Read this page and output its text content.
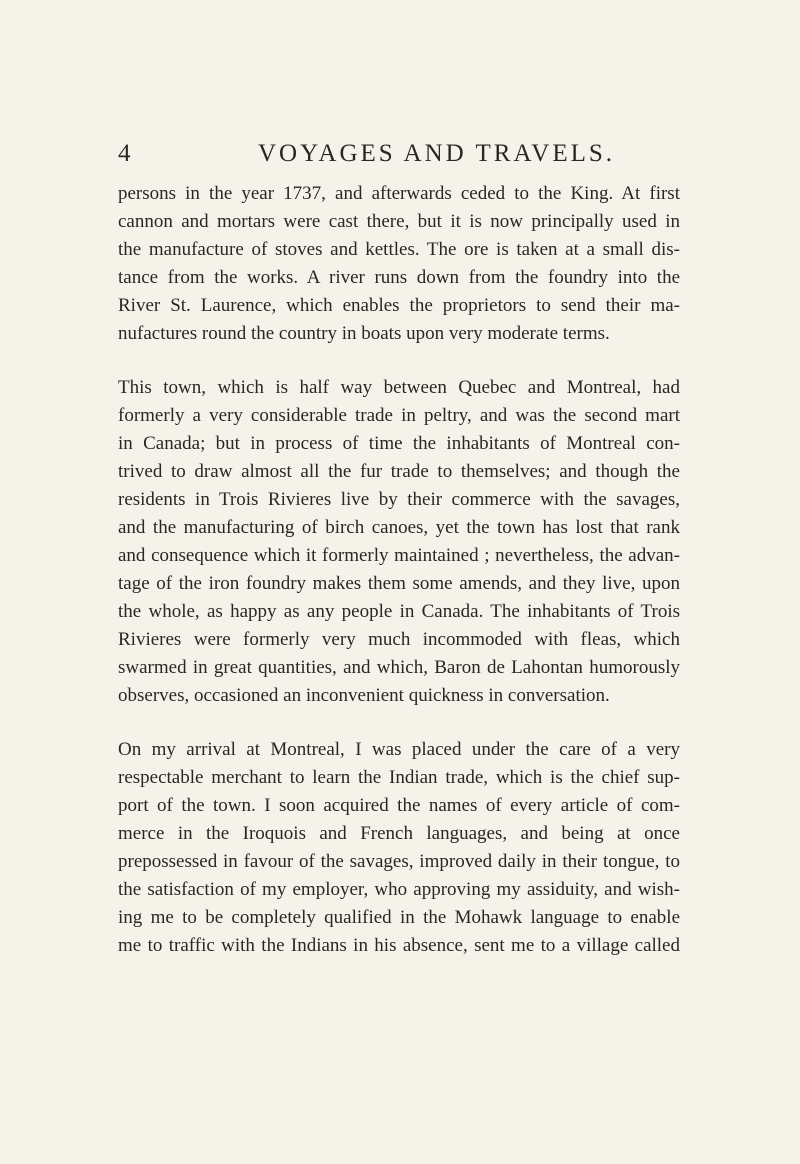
4	VOYAGES AND TRAVELS.

persons in the year 1737, and afterwards ceded to the King. At first
cannon and mortars were cast there, but it is now principally used in
the manufacture of stoves and kettles. The ore is taken at a small dis-
tance from the works. A river runs down from the foundry into the
River St. Laurence, which enables the proprietors to send their ma-
nufactures round the country in boats upon very moderate terms.

This town, which is half way between Quebec and Montreal, had
formerly a very considerable trade in peltry, and was the second mart
in Canada; but in process of time the inhabitants of Montreal con-
trived to draw almost all the fur trade to themselves; and though the
residents in Trois Rivieres live by their commerce with the savages,
and the manufacturing of birch canoes, yet the town has lost that rank
and consequence which it formerly maintained ; nevertheless, the advan-
tage of the iron foundry makes them some amends, and they live, upon
the whole, as happy as any people in Canada. The inhabitants of Trois
Rivieres were formerly very much incommoded with fleas, which
swarmed in great quantities, and which, Baron de Lahontan humorously
observes, occasioned an inconvenient quickness in conversation.

On my arrival at Montreal, I was placed under the care of a very
respectable merchant to learn the Indian trade, which is the chief sup-
port of the town. I soon acquired the names of every article of com-
merce in the Iroquois and French languages, and being at once
prepossessed in favour of the savages, improved daily in their tongue, to
the satisfaction of my employer, who approving my assiduity, and wish-
ing me to be completely qualified in the Mohawk language to enable
me to traffic with the Indians in his absence, sent me to a village called
